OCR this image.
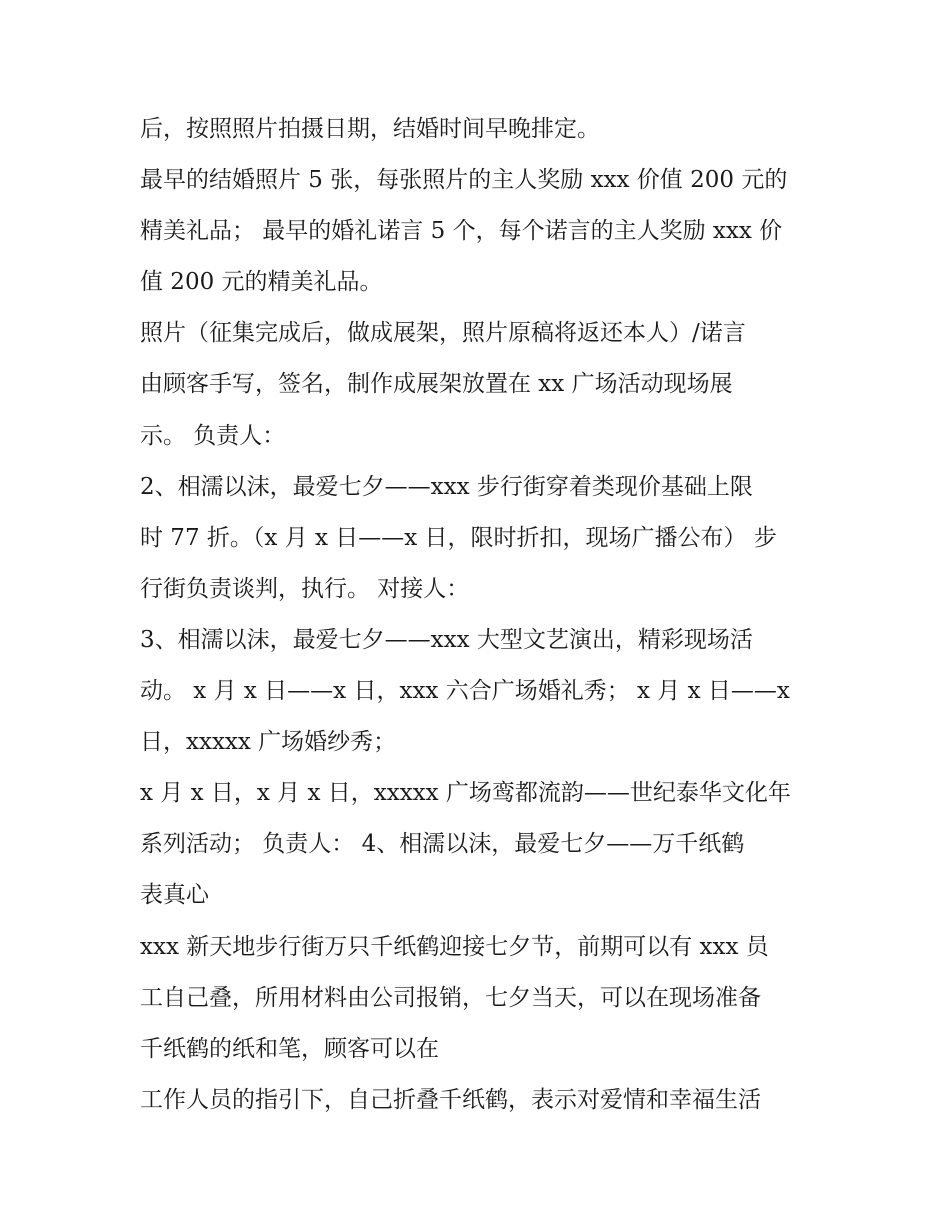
后，按照照片拍摄日期，结婚时间早晚排定。
最早的结婚照片 5 张，每张照片的主人奖励 xxx 价值 200 元的
精美礼品； 最早的婚礼诺言 5 个，每个诺言的主人奖励 xxx 价
值 200 元的精美礼品。
照片（征集完成后，做成展架，照片原稿将返还本人）/诺言
由顾客手写，签名，制作成展架放置在 xx 广场活动现场展
示。 负责人：
2、相濡以沫，最爱七夕——xxx 步行街穿着类现价基础上限
时 77 折。（x 月 x 日——x 日，限时折扣，现场广播公布） 步
行街负责谈判，执行。 对接人：
3、相濡以沫，最爱七夕——xxx 大型文艺演出，精彩现场活
动。 x 月 x 日——x 日，xxx 六合广场婚礼秀； x 月 x 日——x
日，xxxxx 广场婚纱秀；
x 月 x 日，x 月 x 日，xxxxx 广场鸾都流韵——世纪泰华文化年
系列活动； 负责人： 4、相濡以沫，最爱七夕——万千纸鹤
表真心
xxx 新天地步行街万只千纸鹤迎接七夕节，前期可以有 xxx 员
工自己叠，所用材料由公司报销，七夕当天，可以在现场准备
千纸鹤的纸和笔，顾客可以在
工作人员的指引下，自己折叠千纸鹤，表示对爱情和幸福生活
